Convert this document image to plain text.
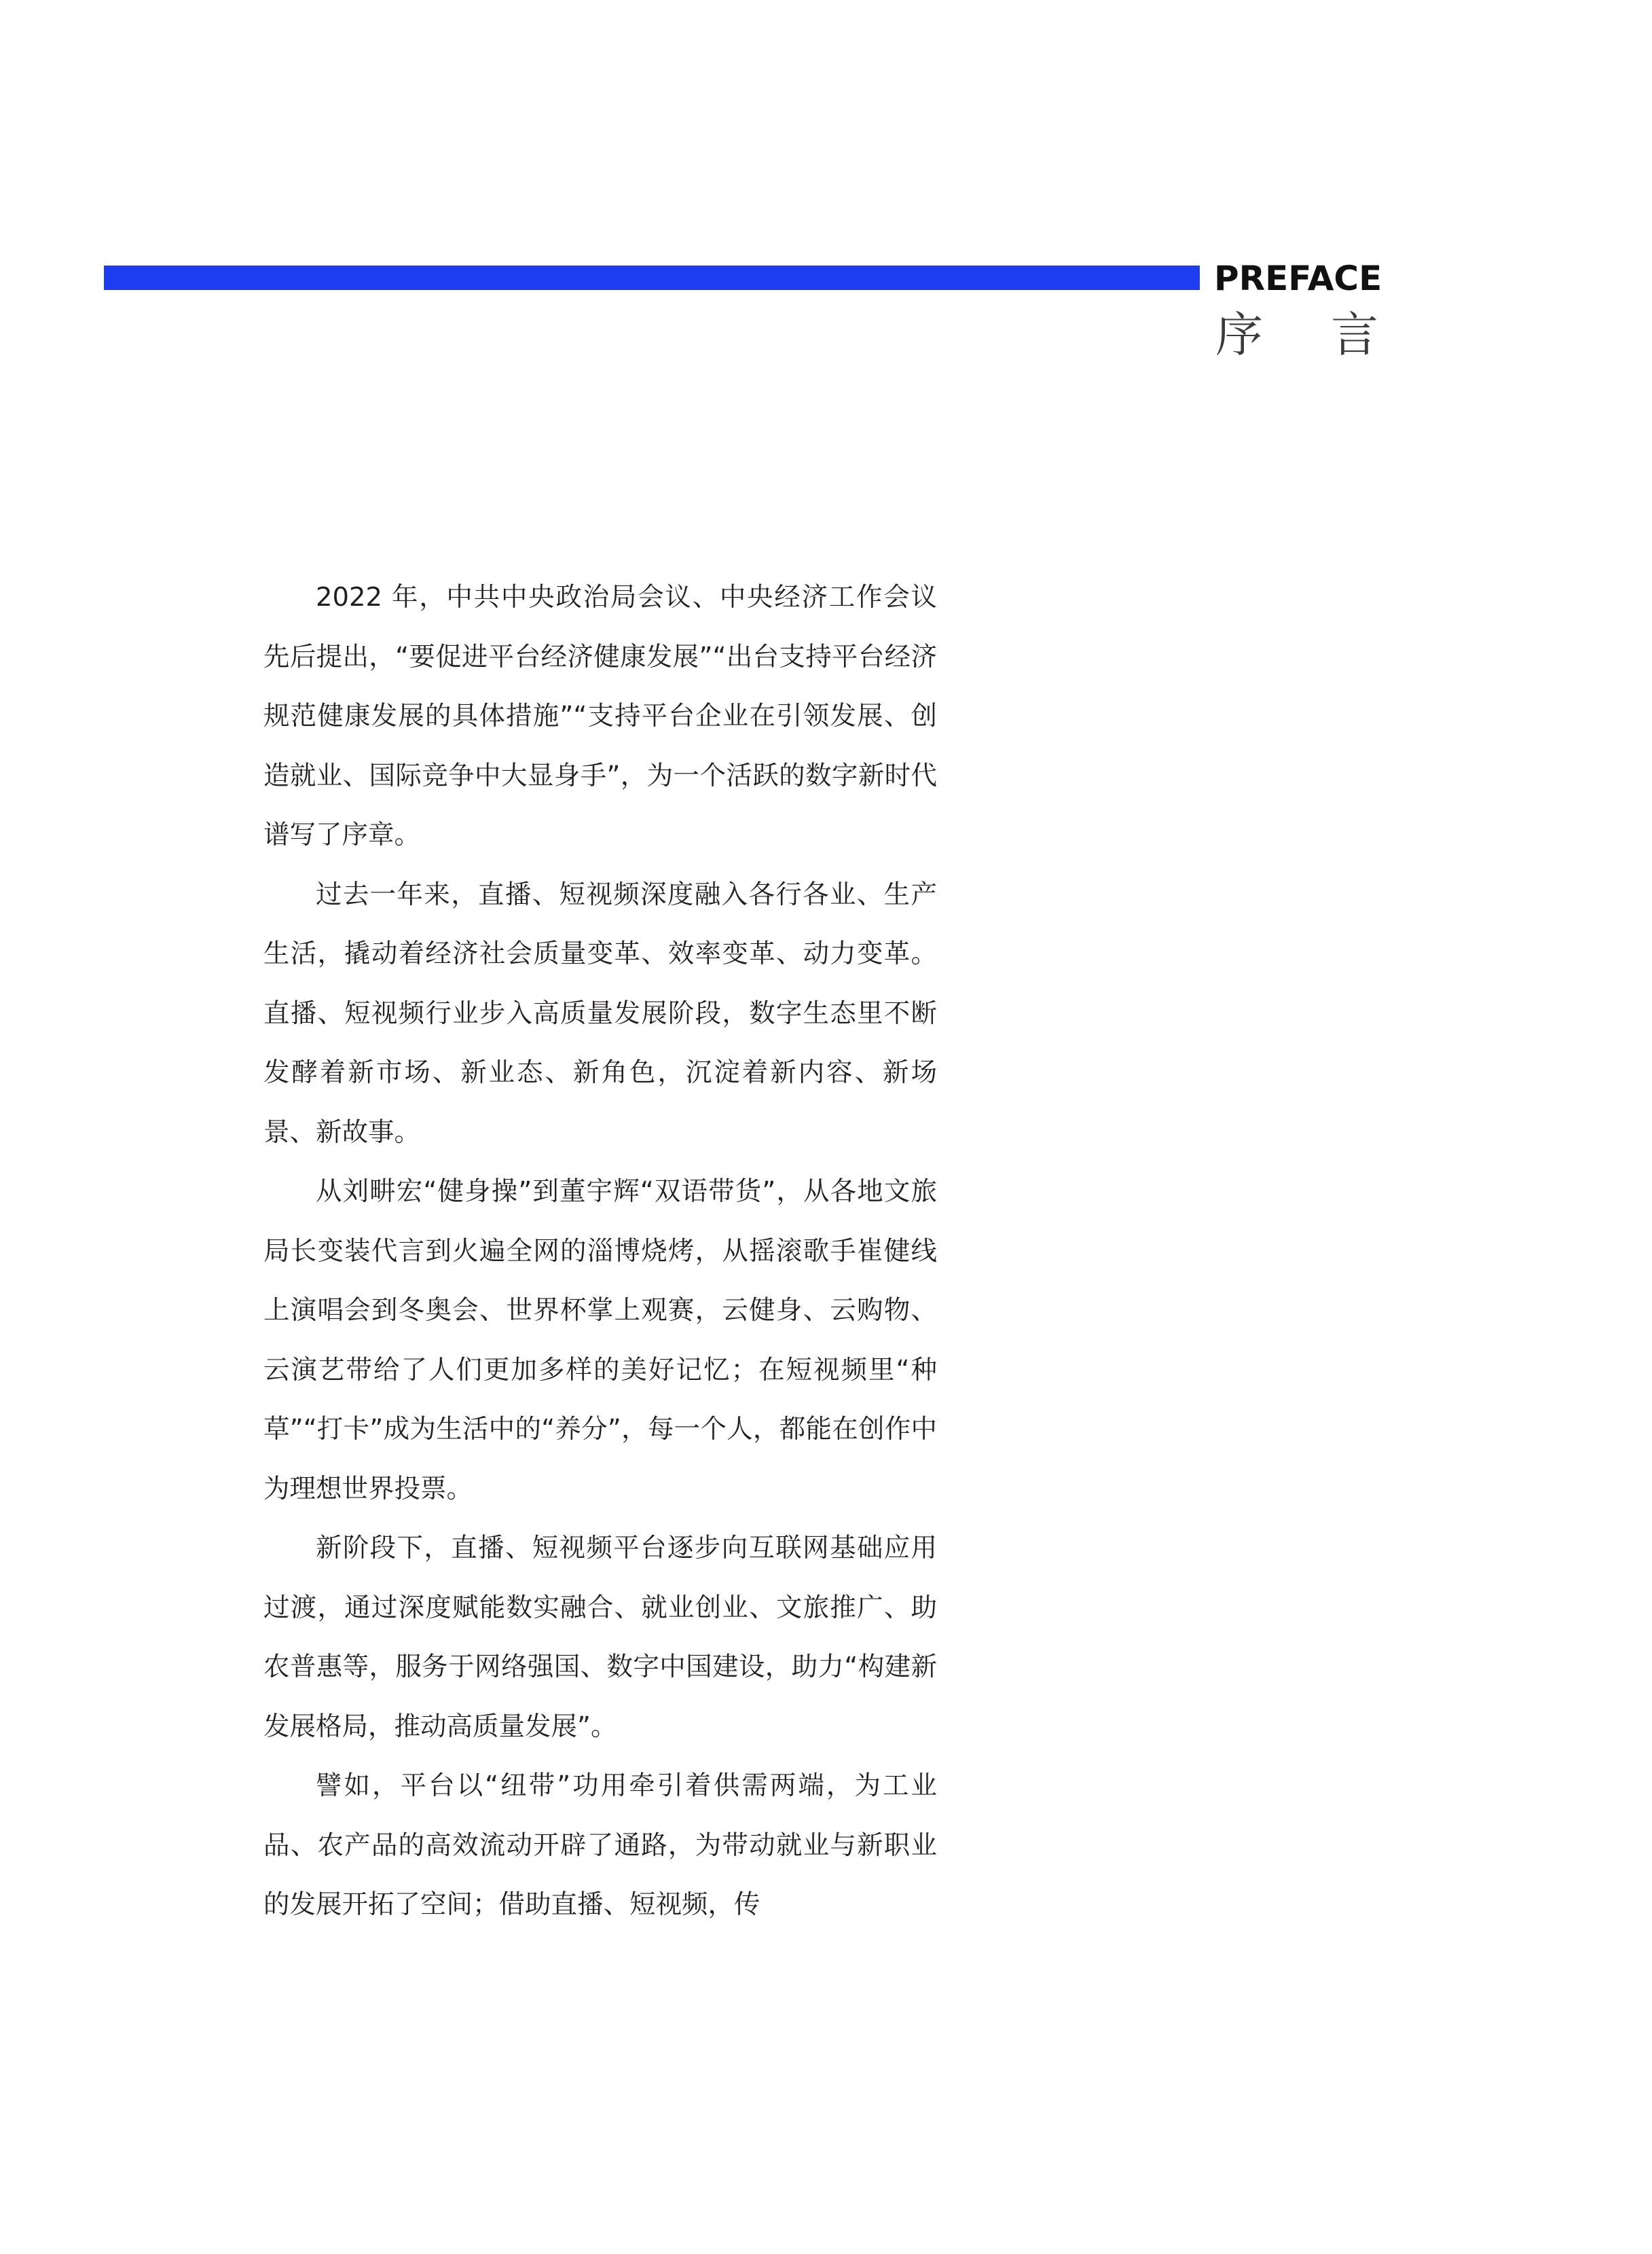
PREFACE
序 言

2022 年，中共中央政治局会议、中央经济工作会议先后提出，“要促进平台经济健康发展”“出台支持平台经济规范健康发展的具体措施”“支持平台企业在引领发展、创造就业、国际竞争中大显身手”，为一个活跃的数字新时代谱写了序章。

过去一年来，直播、短视频深度融入各行各业、生产生活，撬动着经济社会质量变革、效率变革、动力变革。直播、短视频行业步入高质量发展阶段，数字生态里不断发酵着新市场、新业态、新角色，沉淀着新内容、新场景、新故事。

从刘畊宏“健身操”到董宇辉“双语带货”，从各地文旅局长变装代言到火遍全网的淄博烧烤，从摇滚歌手崔健线上演唱会到冬奥会、世界杯掌上观赛，云健身、云购物、云演艺带给了人们更加多样的美好记忆；在短视频里“种草”“打卡”成为生活中的“养分”，每一个人，都能在创作中为理想世界投票。

新阶段下，直播、短视频平台逐步向互联网基础应用过渡，通过深度赋能数实融合、就业创业、文旅推广、助农普惠等，服务于网络强国、数字中国建设，助力“构建新发展格局，推动高质量发展”。

譬如，平台以“纽带”功用牵引着供需两端，为工业品、农产品的高效流动开辟了通路，为带动就业与新职业的发展开拓了空间；借助直播、短视频，传
